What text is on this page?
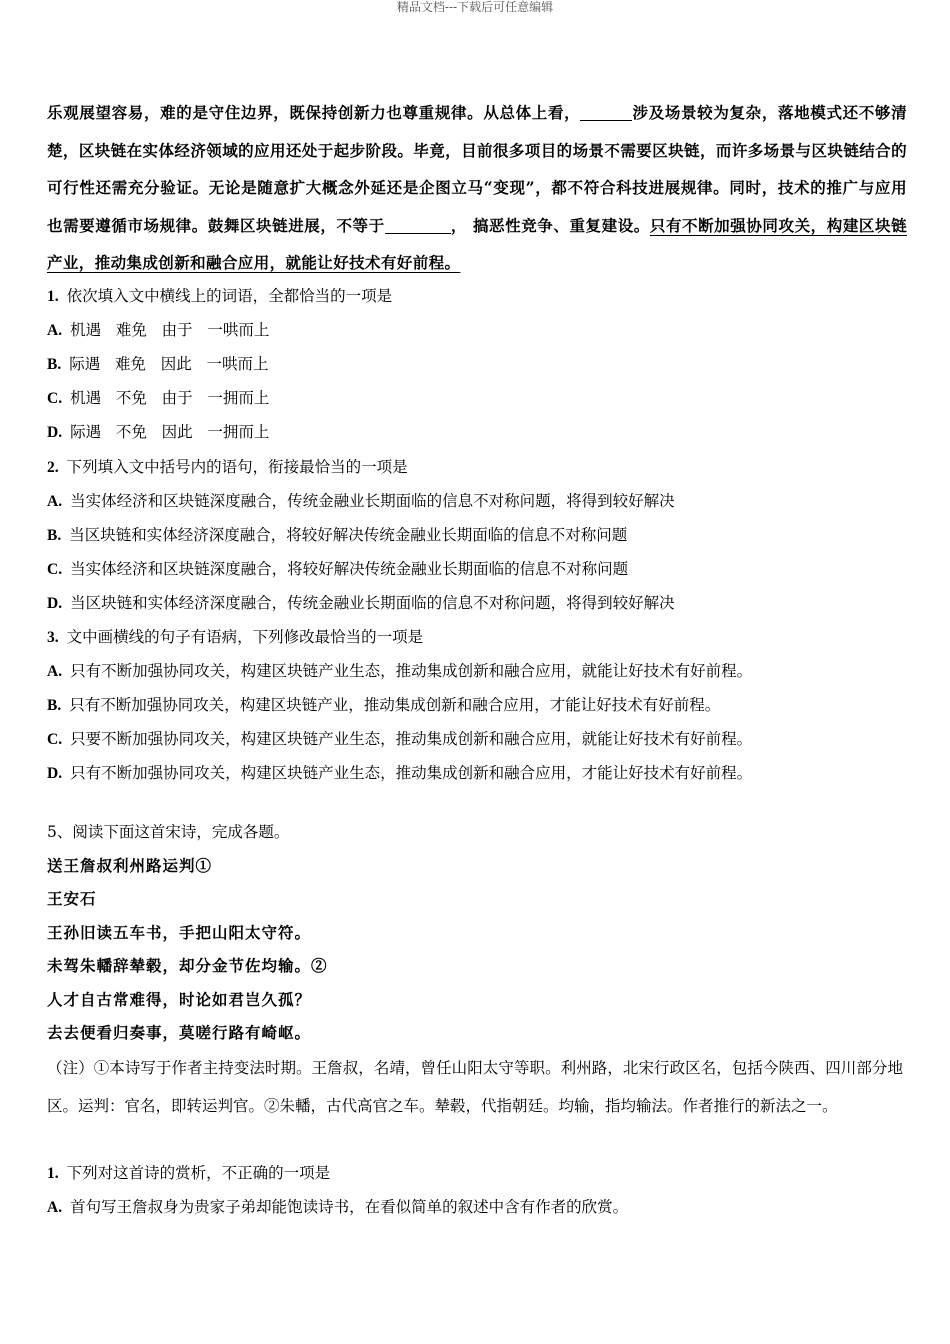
精品文档---下载后可任意编辑
乐观展望容易，难的是守住边界，既保持创新力也尊重规律。从总体上看，	涉及场景较为复杂，落地模式还不够清楚，区块链在实体经济领域的应用还处于起步阶段。毕竟，目前很多项目的场景不需要区块链，而许多场景与区块链结合的可行性还需充分验证。无论是随意扩大概念外延还是企图立马“变现”，都不符合科技进展规律。同时，技术的推广与应用也需要遵循市场规律。鼓舞区块链进展，不等于	， 搞恶性竞争、重复建设。只有不断加强协同攻关，构建区块链产业，推动集成创新和融合应用，就能让好技术有好前程。
1. 依次填入文中横线上的词语，全都恰当的一项是
A. 机遇   难免   由于   一哄而上
B. 际遇   难免   因此   一哄而上
C. 机遇   不免   由于   一拥而上
D. 际遇   不免   因此   一拥而上
2. 下列填入文中括号内的语句，衔接最恰当的一项是
A. 当实体经济和区块链深度融合，传统金融业长期面临的信息不对称问题，将得到较好解决
B. 当区块链和实体经济深度融合，将较好解决传统金融业长期面临的信息不对称问题
C. 当实体经济和区块链深度融合，将较好解决传统金融业长期面临的信息不对称问题
D. 当区块链和实体经济深度融合，传统金融业长期面临的信息不对称问题，将得到较好解决
3. 文中画横线的句子有语病，下列修改最恰当的一项是
A. 只有不断加强协同攻关，构建区块链产业生态，推动集成创新和融合应用，就能让好技术有好前程。
B. 只有不断加强协同攻关，构建区块链产业，推动集成创新和融合应用，才能让好技术有好前程。
C. 只要不断加强协同攻关，构建区块链产业生态，推动集成创新和融合应用，就能让好技术有好前程。
D. 只有不断加强协同攻关，构建区块链产业生态，推动集成创新和融合应用，才能让好技术有好前程。
5、阅读下面这首宋诗，完成各题。
送王詹叔利州路运判①
王安石
王孙旧读五车书，手把山阳太守符。
未驾朱轓辞辇毂，却分金节佐均输。②
人才自古常难得，时论如君岂久孤？
去去便看归奏事，莫嗟行路有崎岖。
（注）①本诗写于作者主持变法时期。王詹叔，名靖，曾任山阳太守等职。利州路，北宋行政区名，包括今陕西、四川部分地区。运判：官名，即转运判官。②朱轓，古代高官之车。辇毂，代指朝廷。均输，指均输法。作者推行的新法之一。
1. 下列对这首诗的赏析，不正确的一项是
A. 首句写王詹叔身为贵家子弟却能饱读诗书，在看似简单的叙述中含有作者的欣赏。
